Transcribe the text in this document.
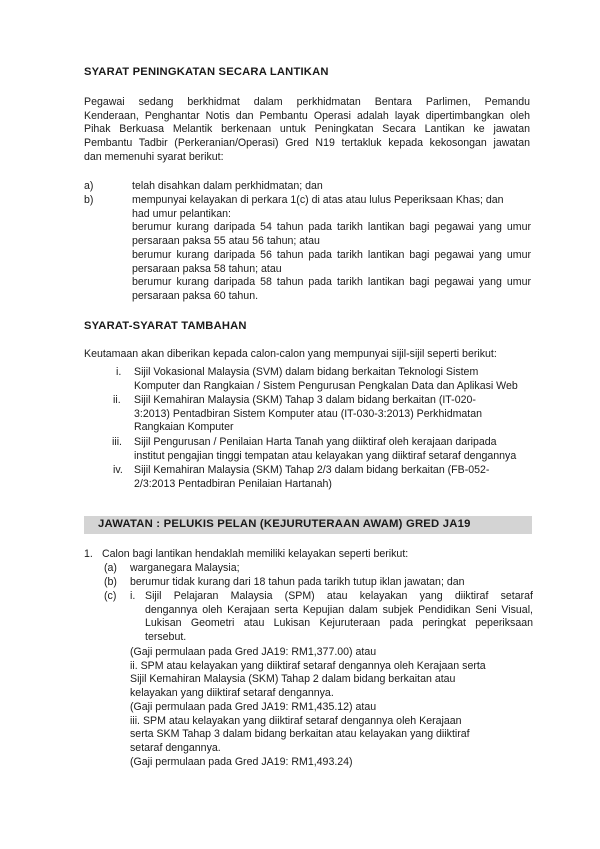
SYARAT PENINGKATAN SECARA LANTIKAN
Pegawai sedang berkhidmat dalam perkhidmatan Bentara Parlimen, Pemandu
Kenderaan, Penghantar Notis dan Pembantu Operasi adalah layak dipertimbangkan oleh
Pihak Berkuasa Melantik berkenaan untuk Peningkatan Secara Lantikan ke jawatan
Pembantu Tadbir (Perkeranian/Operasi) Gred N19 tertakluk kepada kekosongan jawatan
dan memenuhi syarat berikut:
a)	telah disahkan dalam perkhidmatan; dan
b)	mempunyai kelayakan di perkara 1(c) di atas atau lulus Peperiksaan Khas; dan
had umur pelantikan:
berumur kurang daripada 54 tahun pada tarikh lantikan bagi pegawai yang umur
persaraan paksa 55 atau 56 tahun; atau
berumur kurang daripada 56 tahun pada tarikh lantikan bagi pegawai yang umur
persaraan paksa 58 tahun; atau
berumur kurang daripada 58 tahun pada tarikh lantikan bagi pegawai yang umur
persaraan paksa 60 tahun.
SYARAT-SYARAT TAMBAHAN
Keutamaan akan diberikan kepada calon-calon yang mempunyai sijil-sijil seperti berikut:
i. Sijil Vokasional Malaysia (SVM) dalam bidang berkaitan Teknologi Sistem
Komputer dan Rangkaian / Sistem Pengurusan Pengkalan Data dan Aplikasi Web
ii. Sijil Kemahiran Malaysia (SKM) Tahap 3 dalam bidang berkaitan (IT-020-
3:2013) Pentadbiran Sistem Komputer atau (IT-030-3:2013) Perkhidmatan
Rangkaian Komputer
iii. Sijil Pengurusan / Penilaian Harta Tanah yang diiktiraf oleh kerajaan daripada
institut pengajian tinggi tempatan atau kelayakan yang diiktiraf setaraf dengannya
iv. Sijil Kemahiran Malaysia (SKM) Tahap 2/3 dalam bidang berkaitan (FB-052-
2/3:2013 Pentadbiran Penilaian Hartanah)
JAWATAN : PELUKIS PELAN (KEJURUTERAAN AWAM) GRED JA19
1. Calon bagi lantikan hendaklah memiliki kelayakan seperti berikut:
(a) warganegara Malaysia;
(b) berumur tidak kurang dari 18 tahun pada tarikh tutup iklan jawatan; dan
(c) i. Sijil Pelajaran Malaysia (SPM) atau kelayakan yang diiktiraf setaraf
dengannya oleh Kerajaan serta Kepujian dalam subjek Pendidikan Seni Visual,
Lukisan Geometri atau Lukisan Kejuruteraan pada peringkat peperiksaan
tersebut.
(Gaji permulaan pada Gred JA19: RM1,377.00) atau
ii. SPM atau kelayakan yang diiktiraf setaraf dengannya oleh Kerajaan serta
Sijil Kemahiran Malaysia (SKM) Tahap 2 dalam bidang berkaitan atau
kelayakan yang diiktiraf setaraf dengannya.
(Gaji permulaan pada Gred JA19: RM1,435.12) atau
iii. SPM atau kelayakan yang diiktiraf setaraf dengannya oleh Kerajaan
serta SKM Tahap 3 dalam bidang berkaitan atau kelayakan yang diiktiraf
setaraf dengannya.
(Gaji permulaan pada Gred JA19: RM1,493.24)
